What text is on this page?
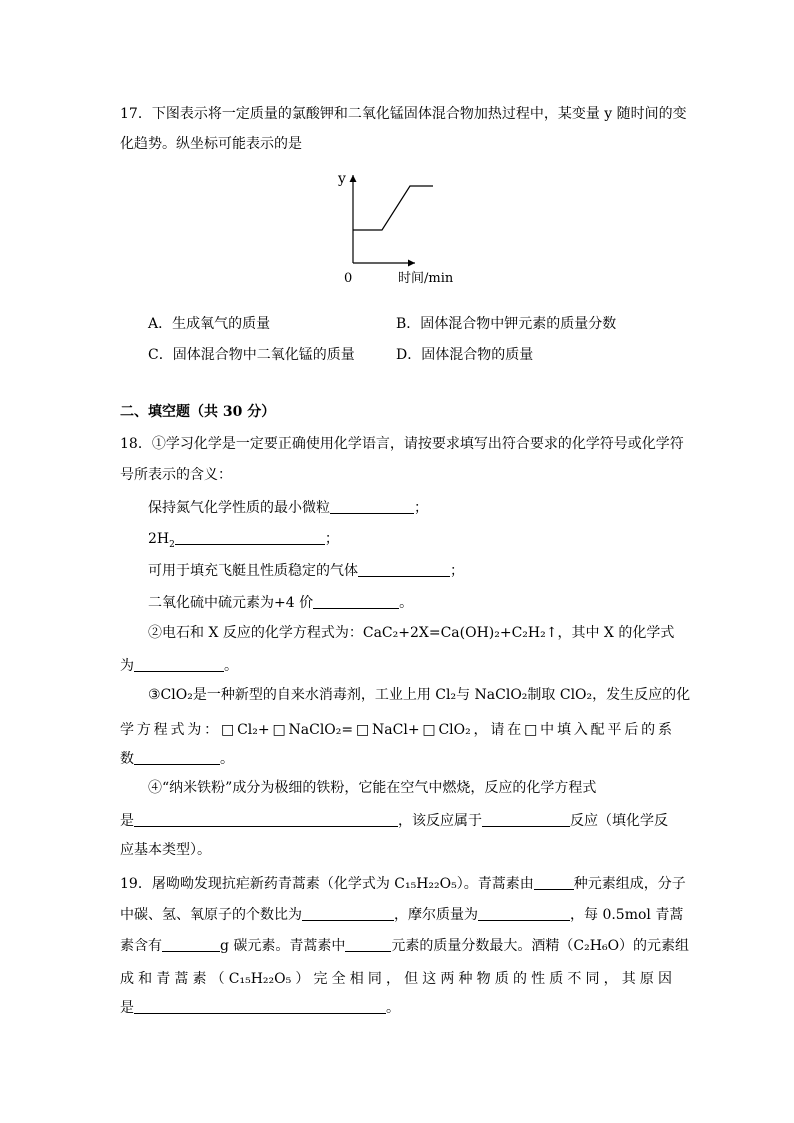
17．下图表示将一定质量的氯酸钾和二氧化锰固体混合物加热过程中，某变量 y 随时间的变
化趋势。纵坐标可能表示的是
y
0	时间/min
A．生成氧气的质量	B．固体混合物中钾元素的质量分数
C．固体混合物中二氧化锰的质量	D．固体混合物的质量
二、填空题（共 30 分）
18．①学习化学是一定要正确使用化学语言，请按要求填写出符合要求的化学符号或化学符
号所表示的含义：
保持氮气化学性质的最小微粒	；
$2H_2$	；
可用于填充飞艇且性质稳定的气体	；
二氧化硫中硫元素为+4 价	。
②电石和 X 反应的化学方程式为：CaC₂+2X=Ca(OH)₂+C₂H₂↑，其中 X 的化学式
为	。
③ClO₂是一种新型的自来水消毒剂，工业上用 Cl₂与 NaClO₂制取 ClO₂，发生反应的化
学方程式为：□Cl₂+□NaClO₂=□NaCl+□ClO₂，请在□中填入配平后的系
数	。
④“纳米铁粉”成分为极细的铁粉，它能在空气中燃烧，反应的化学方程式
是	，该反应属于	反应（填化学反
应基本类型）。
19．屠呦呦发现抗疟新药青蒿素（化学式为 C₁₅H₂₂O₅）。青蒿素由	种元素组成，分子
中碳、氢、氧原子的个数比为	，摩尔质量为	，每 0.5mol 青蒿
素含有	g 碳元素。青蒿素中	元素的质量分数最大。酒精（C₂H₆O）的元素组
成和青蒿素（C₁₅H₂₂O₅）完全相同，但这两种物质的性质不同，其原因
是	。
